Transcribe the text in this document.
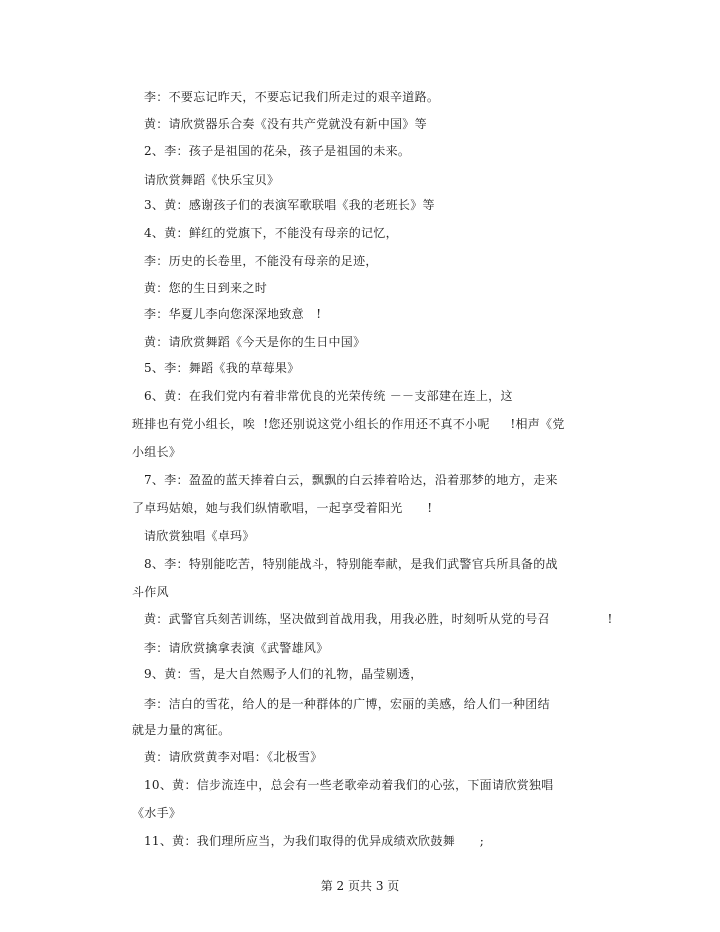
李：不要忘记昨天，不要忘记我们所走过的艰辛道路。
黄：请欣赏器乐合奏《没有共产党就没有新中国》等
2、李：孩子是祖国的花朵，孩子是祖国的未来。
请欣赏舞蹈《快乐宝贝》
3、黄：感谢孩子们的表演军歌联唱《我的老班长》等
4、黄：鲜红的党旗下，不能没有母亲的记忆，
李：历史的长卷里，不能没有母亲的足迹，
黄：您的生日到来之时
李：华夏儿李向您深深地致意   !
黄：请欣赏舞蹈《今天是你的生日中国》
5、李：舞蹈《我的草莓果》
6、黄：在我们党内有着非常优良的光荣传统 －－支部建在连上，这
班排也有党小组长，唉  !您还别说这党小组长的作用还不真不小呢     !相声《党
小组长》
7、李：盈盈的蓝天捧着白云，飘飘的白云捧着哈达，沿着那梦的地方，走来
了卓玛姑娘，她与我们纵情歌唱，一起享受着阳光      !
请欣赏独唱《卓玛》
8、李：特别能吃苦，特别能战斗，特别能奉献，是我们武警官兵所具备的战
斗作风
黄：武警官兵刻苦训练，坚决做到首战用我，用我必胜，时刻听从党的号召              !
李：请欣赏擒拿表演《武警雄风》
9、黄：雪，是大自然赐予人们的礼物，晶莹剔透，
李：洁白的雪花，给人的是一种群体的广博，宏丽的美感，给人们一种团结
就是力量的寓征。
黄：请欣赏黄李对唱：《北极雪》
10、黄：信步流连中，总会有一些老歌牵动着我们的心弦，下面请欣赏独唱
《水手》
11、黄：我们理所应当，为我们取得的优异成绩欢欣鼓舞      ;
第 2 页共 3 页
